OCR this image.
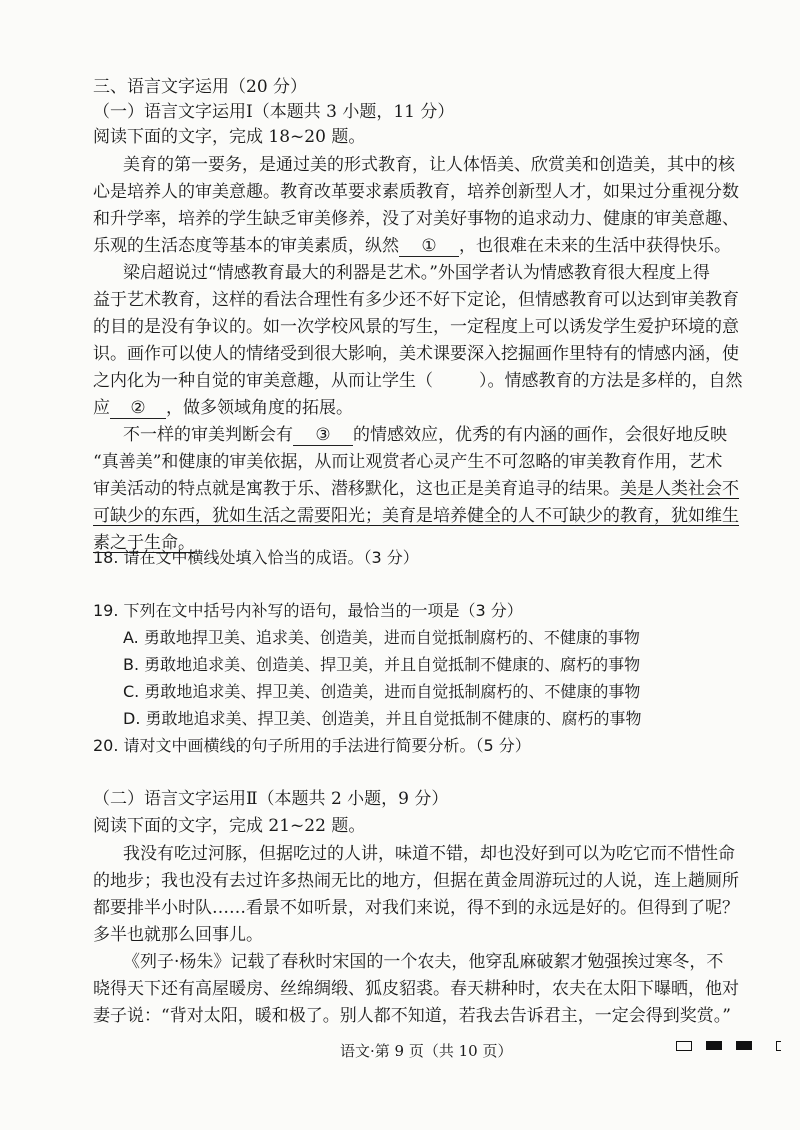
三、语言文字运用（20 分）
（一）语言文字运用Ⅰ（本题共 3 小题，11 分）
阅读下面的文字，完成 18~20 题。
美育的第一要务，是通过美的形式教育，让人体悟美、欣赏美和创造美，其中的核
心是培养人的审美意趣。教育改革要求素质教育，培养创新型人才，如果过分重视分数
和升学率，培养的学生缺乏审美修养，没了对美好事物的追求动力、健康的审美意趣、
乐观的生活态度等基本的审美素质，纵然 ① ，也很难在未来的生活中获得快乐。
梁启超说过“情感教育最大的利器是艺术。”外国学者认为情感教育很大程度上得
益于艺术教育，这样的看法合理性有多少还不好下定论，但情感教育可以达到审美教育
的目的是没有争议的。如一次学校风景的写生，一定程度上可以诱发学生爱护环境的意
识。画作可以使人的情绪受到很大影响，美术课要深入挖掘画作里特有的情感内涵，使
之内化为一种自觉的审美意趣，从而让学生（	）。情感教育的方法是多样的，自然
应 ② ，做多领域角度的拓展。
不一样的审美判断会有 ③ 的情感效应，优秀的有内涵的画作，会很好地反映
“真善美”和健康的审美依据，从而让观赏者心灵产生不可忽略的审美教育作用，艺术
审美活动的特点就是寓教于乐、潜移默化，这也正是美育追寻的结果。美是人类社会不
可缺少的东西，犹如生活之需要阳光；美育是培养健全的人不可缺少的教育，犹如维生
素之于生命。
18. 请在文中横线处填入恰当的成语。（3 分）
19. 下列在文中括号内补写的语句，最恰当的一项是（3 分）
A. 勇敢地捍卫美、追求美、创造美，进而自觉抵制腐朽的、不健康的事物
B. 勇敢地追求美、创造美、捍卫美，并且自觉抵制不健康的、腐朽的事物
C. 勇敢地追求美、捍卫美、创造美，进而自觉抵制腐朽的、不健康的事物
D. 勇敢地追求美、捍卫美、创造美，并且自觉抵制不健康的、腐朽的事物
20. 请对文中画横线的句子所用的手法进行简要分析。（5 分）
（二）语言文字运用Ⅱ（本题共 2 小题，9 分）
阅读下面的文字，完成 21~22 题。
我没有吃过河豚，但据吃过的人讲，味道不错，却也没好到可以为吃它而不惜性命
的地步；我也没有去过许多热闹无比的地方，但据在黄金周游玩过的人说，连上趟厕所
都要排半小时队……看景不如听景，对我们来说，得不到的永远是好的。但得到了呢？
多半也就那么回事儿。
《列子·杨朱》记载了春秋时宋国的一个农夫，他穿乱麻破絮才勉强挨过寒冬，不
晓得天下还有高屋暖房、丝绵绸缎、狐皮貂裘。春天耕种时，农夫在太阳下曝晒，他对
妻子说：“背对太阳，暖和极了。别人都不知道，若我去告诉君主，一定会得到奖赏。”
语文·第 9 页（共 10 页）
